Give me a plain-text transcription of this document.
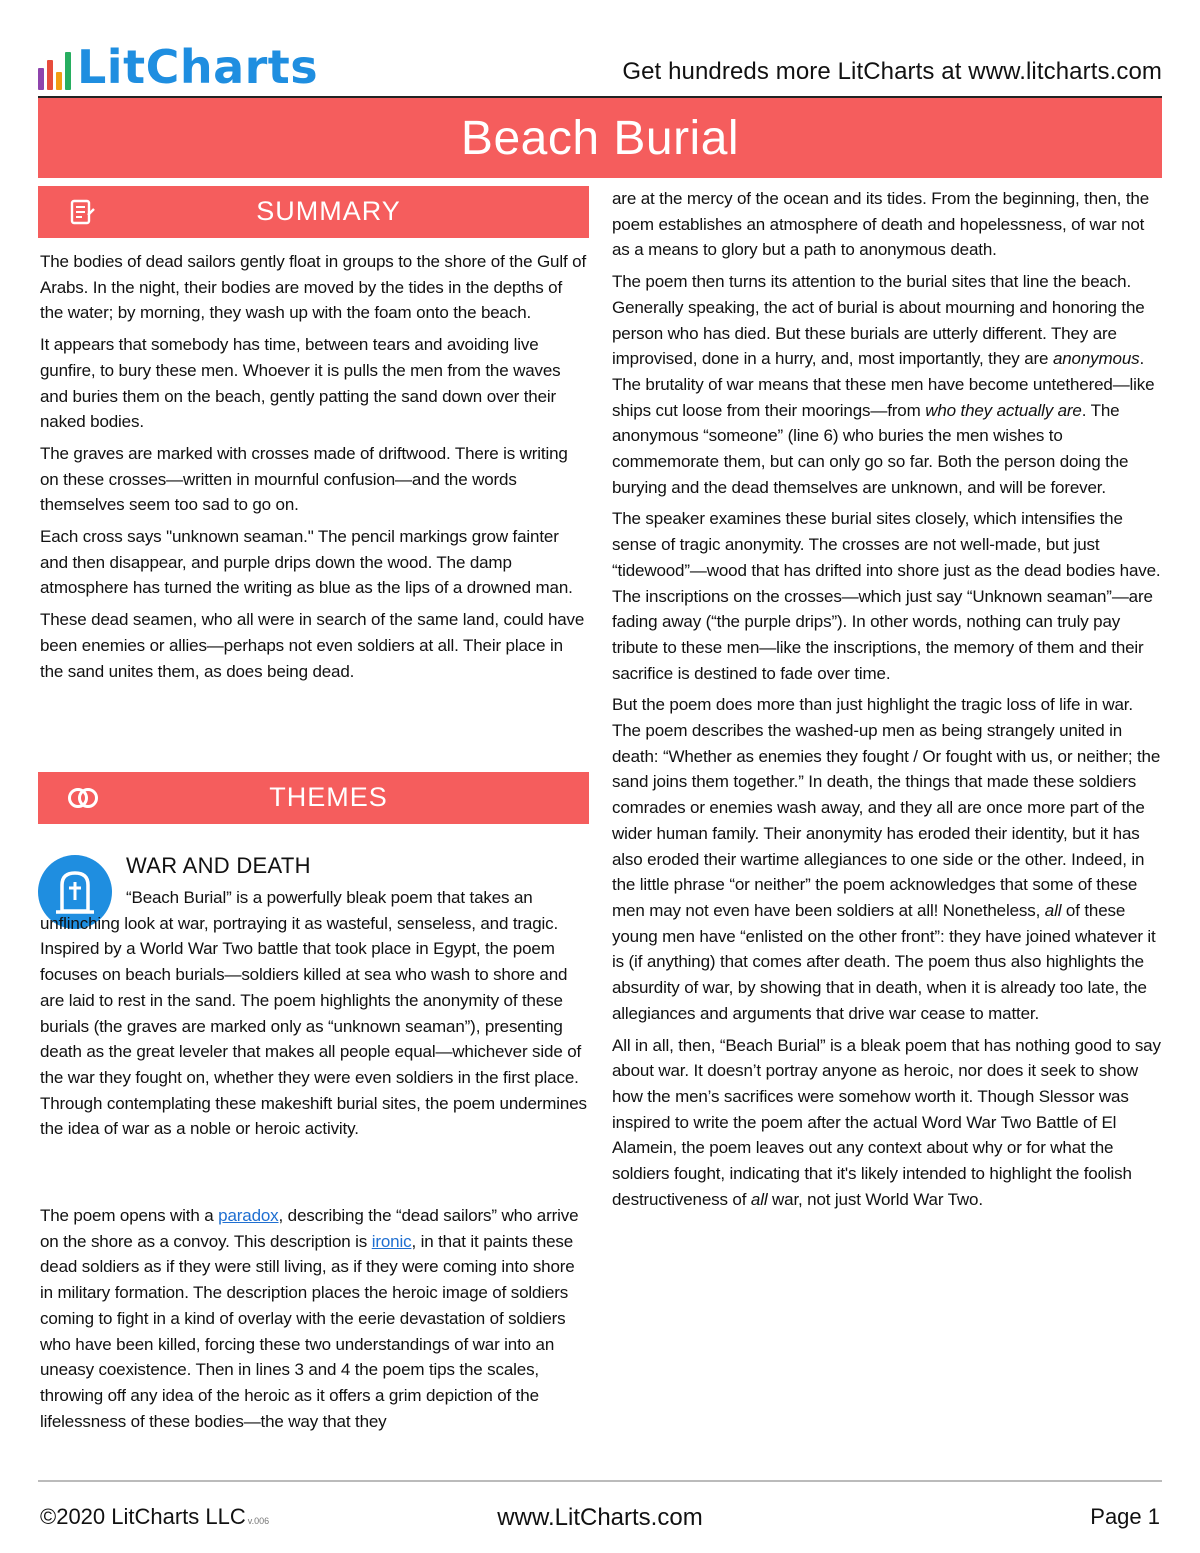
LitCharts	Get hundreds more LitCharts at www.litcharts.com
Beach Burial
SUMMARY

The bodies of dead sailors gently float in groups to the shore of the Gulf of Arabs. In the night, their bodies are moved by the tides in the depths of the water; by morning, they wash up with the foam onto the beach.

It appears that somebody has time, between tears and avoiding live gunfire, to bury these men. Whoever it is pulls the men from the waves and buries them on the beach, gently patting the sand down over their naked bodies.

The graves are marked with crosses made of driftwood. There is writing on these crosses—written in mournful confusion—and the words themselves seem too sad to go on.

Each cross says "unknown seaman." The pencil markings grow fainter and then disappear, and purple drips down the wood. The damp atmosphere has turned the writing as blue as the lips of a drowned man.

These dead seamen, who all were in search of the same land, could have been enemies or allies—perhaps not even soldiers at all. Their place in the sand unites them, as does being dead.

THEMES
WAR AND DEATH

“Beach Burial” is a powerfully bleak poem that takes an unflinching look at war, portraying it as wasteful, senseless, and tragic. Inspired by a World War Two battle that took place in Egypt, the poem focuses on beach burials—soldiers killed at sea who wash to shore and are laid to rest in the sand. The poem highlights the anonymity of these burials (the graves are marked only as “unknown seaman”), presenting death as the great leveler that makes all people equal—whichever side of the war they fought on, whether they were even soldiers in the first place. Through contemplating these makeshift burial sites, the poem undermines the idea of war as a noble or heroic activity.

The poem opens with a paradox, describing the “dead sailors” who arrive on the shore as a convoy. This description is ironic, in that it paints these dead soldiers as if they were still living, as if they were coming into shore in military formation. The description places the heroic image of soldiers coming to fight in a kind of overlay with the eerie devastation of soldiers who have been killed, forcing these two understandings of war into an uneasy coexistence. Then in lines 3 and 4 the poem tips the scales, throwing off any idea of the heroic as it offers a grim depiction of the lifelessness of these bodies—the way that they

are at the mercy of the ocean and its tides. From the beginning, then, the poem establishes an atmosphere of death and hopelessness, of war not as a means to glory but a path to anonymous death.

The poem then turns its attention to the burial sites that line the beach. Generally speaking, the act of burial is about mourning and honoring the person who has died. But these burials are utterly different. They are improvised, done in a hurry, and, most importantly, they are anonymous. The brutality of war means that these men have become untethered—like ships cut loose from their moorings—from who they actually are. The anonymous “someone” (line 6) who buries the men wishes to commemorate them, but can only go so far. Both the person doing the burying and the dead themselves are unknown, and will be forever.

The speaker examines these burial sites closely, which intensifies the sense of tragic anonymity. The crosses are not well-made, but just “tidewood”—wood that has drifted into shore just as the dead bodies have. The inscriptions on the crosses—which just say “Unknown seaman”—are fading away (“the purple drips”). In other words, nothing can truly pay tribute to these men—like the inscriptions, the memory of them and their sacrifice is destined to fade over time.

But the poem does more than just highlight the tragic loss of life in war. The poem describes the washed-up men as being strangely united in death: “Whether as enemies they fought / Or fought with us, or neither; the sand joins them together.” In death, the things that made these soldiers comrades or enemies wash away, and they all are once more part of the wider human family. Their anonymity has eroded their identity, but it has also eroded their wartime allegiances to one side or the other. Indeed, in the little phrase “or neither” the poem acknowledges that some of these men may not even have been soldiers at all! Nonetheless, all of these young men have “enlisted on the other front”: they have joined whatever it is (if anything) that comes after death. The poem thus also highlights the absurdity of war, by showing that in death, when it is already too late, the allegiances and arguments that drive war cease to matter.

All in all, then, “Beach Burial” is a bleak poem that has nothing good to say about war. It doesn’t portray anyone as heroic, nor does it seek to show how the men’s sacrifices were somehow worth it. Though Slessor was inspired to write the poem after the actual Word War Two Battle of El Alamein, the poem leaves out any context about why or for what the soldiers fought, indicating that it's likely intended to highlight the foolish destructiveness of all war, not just World War Two.

©2020 LitCharts LLC v.006	www.LitCharts.com	Page 1
